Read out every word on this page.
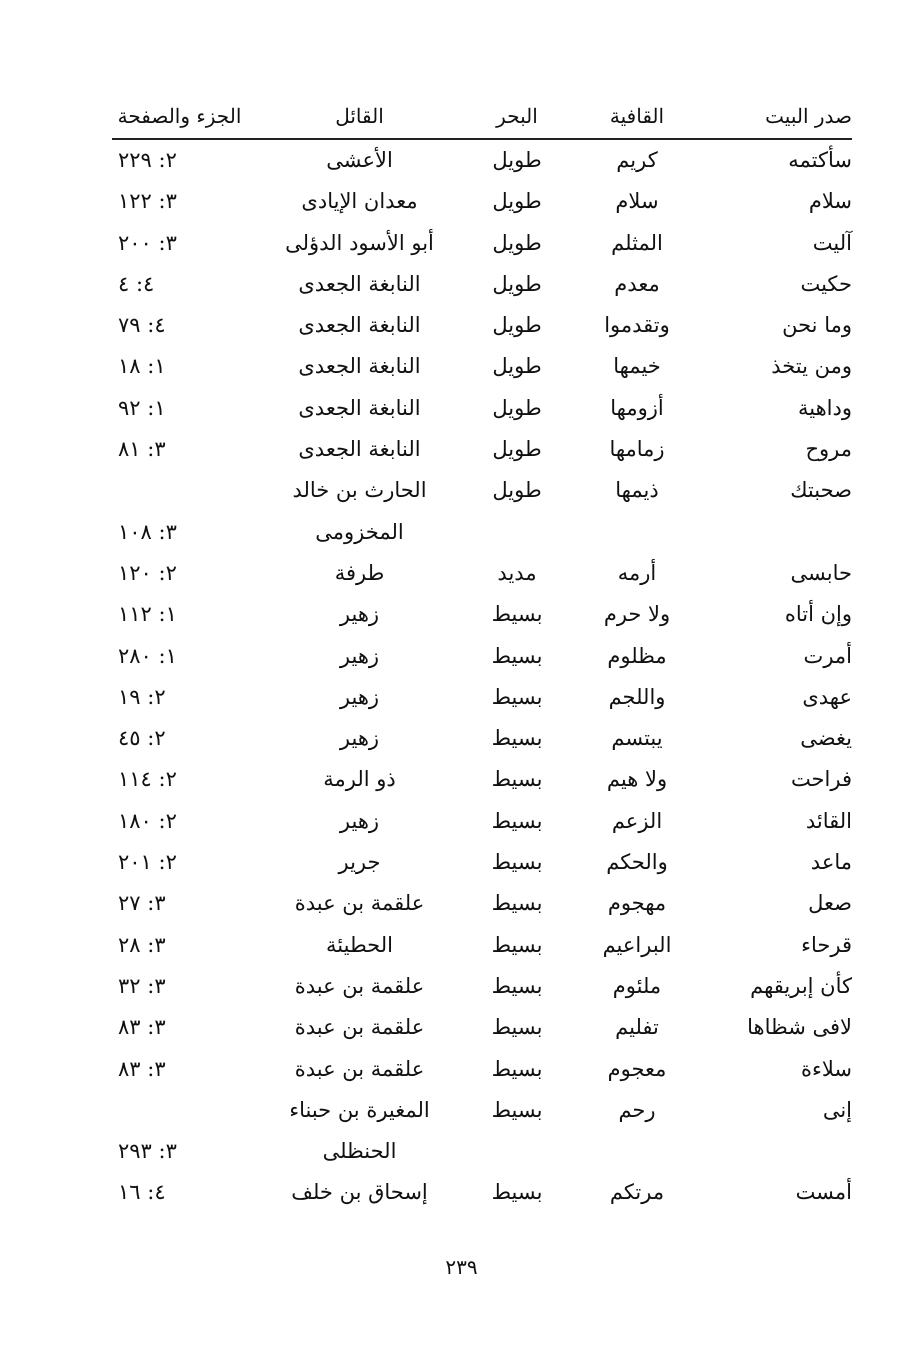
صدر البيت
القافية
البحر
القائل
الجزء والصفحة
سأكتمه
كريم
طويل
الأعشى
٢: ٢٢٩
سلام
سلام
طويل
معدان الإيادى
٣: ١٢٢
آليت
المثلم
طويل
أبو الأسود الدؤلى
٣: ٢٠٠
حكيت
معدم
طويل
النابغة الجعدى
٤: ٤
وما نحن
وتقدموا
طويل
النابغة الجعدى
٤: ٧٩
ومن يتخذ
خيمها
طويل
النابغة الجعدى
١: ١٨
وداهية
أزومها
طويل
النابغة الجعدى
١: ٩٢
مروح
زمامها
طويل
النابغة الجعدى
٣: ٨١
صحبتك
ذيمها
طويل
الحارث بن خالد
المخزومى
٣: ١٠٨
حابسى
أرمه
مديد
طرفة
٢: ١٢٠
وإن أتاه
ولا حرم
بسيط
زهير
١: ١١٢
أمرت
مظلوم
بسيط
زهير
١: ٢٨٠
عهدى
واللجم
بسيط
زهير
٢: ١٩
يغضى
يبتسم
بسيط
زهير
٢: ٤٥
فراحت
ولا هيم
بسيط
ذو الرمة
٢: ١١٤
القائد
الزعم
بسيط
زهير
٢: ١٨٠
ماعد
والحكم
بسيط
جرير
٢: ٢٠١
صعل
مهجوم
بسيط
علقمة بن عبدة
٣: ٢٧
قرحاء
البراعيم
بسيط
الحطيئة
٣: ٢٨
كأن إبريقهم
ملئوم
بسيط
علقمة بن عبدة
٣: ٣٢
لافى شظاها
تفليم
بسيط
علقمة بن عبدة
٣: ٨٣
سلاءة
معجوم
بسيط
علقمة بن عبدة
٣: ٨٣
إنى
رحم
بسيط
المغيرة بن حبناء
الحنظلى
٣: ٢٩٣
أمست
مرتكم
بسيط
إسحاق بن خلف
٤: ١٦
٢٣٩
